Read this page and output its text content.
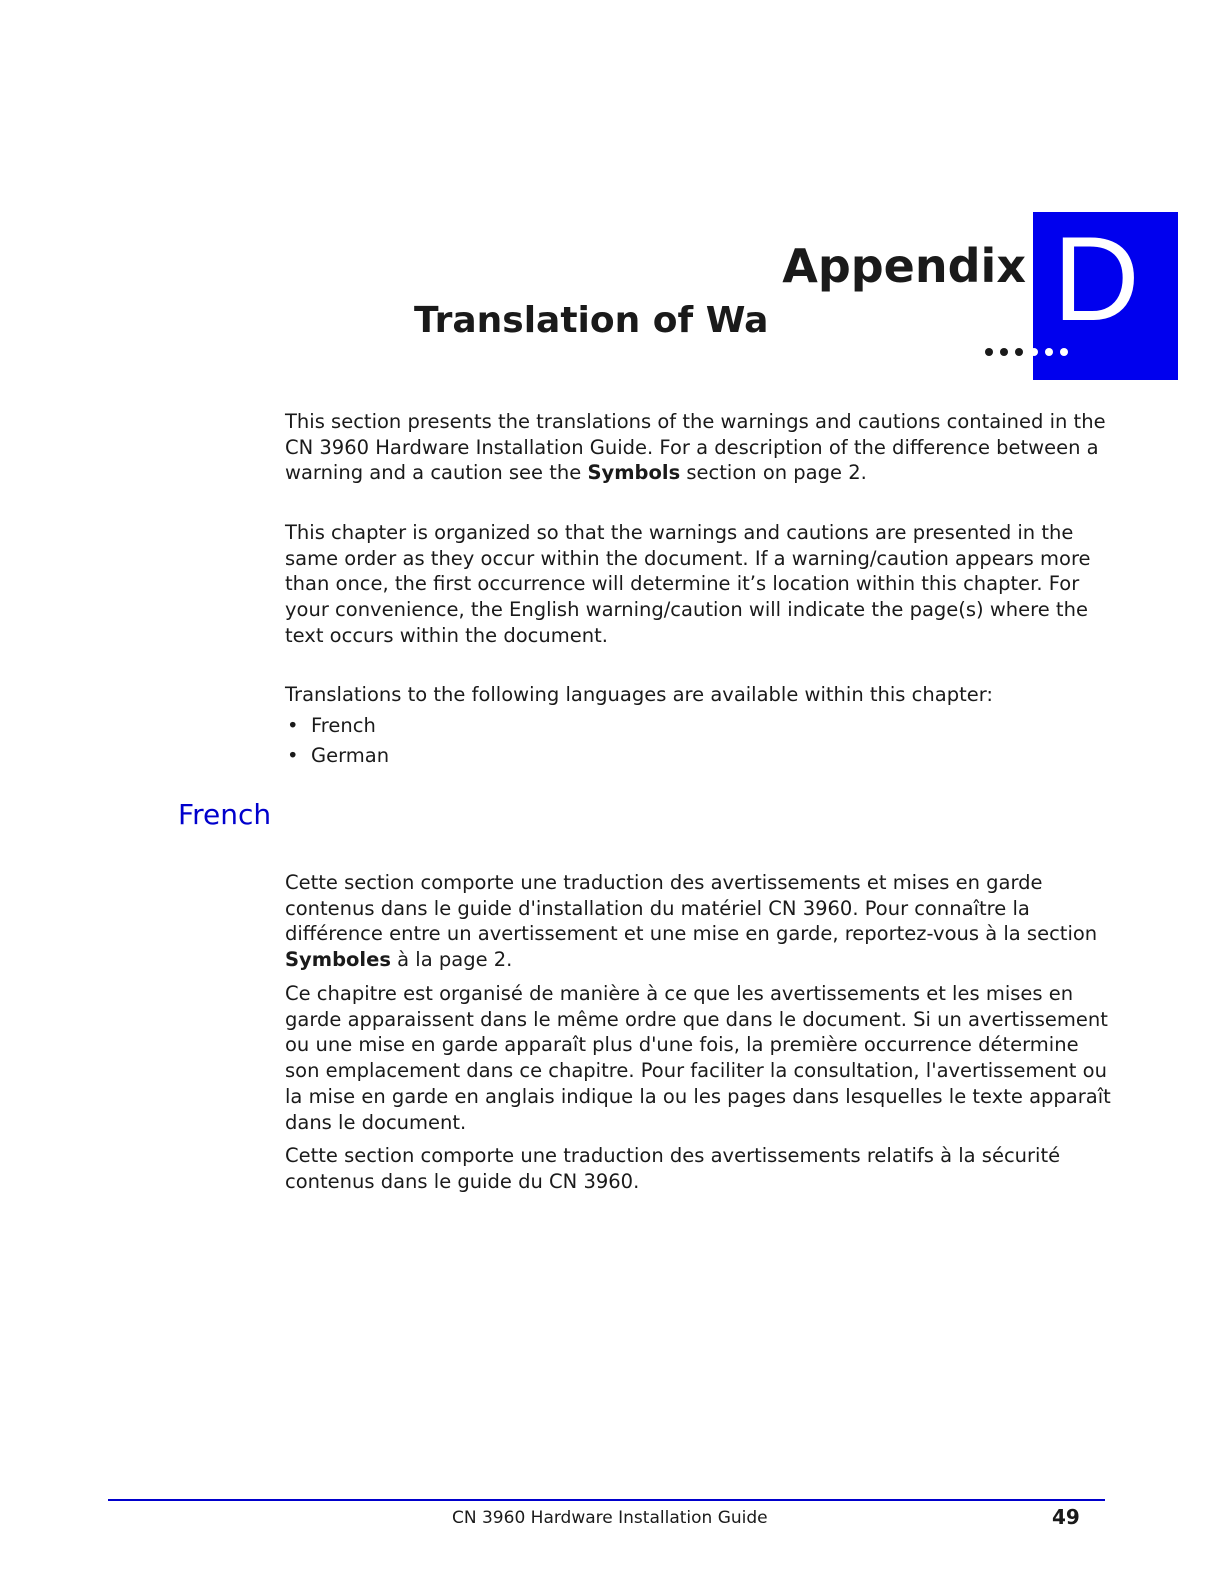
Appendix D
Translation of Wa

This section presents the translations of the warnings and cautions contained in the CN 3960 Hardware Installation Guide. For a description of the difference between a warning and a caution see the Symbols section on page 2.

This chapter is organized so that the warnings and cautions are presented in the same order as they occur within the document. If a warning/caution appears more than once, the first occurrence will determine it’s location within this chapter. For your convenience, the English warning/caution will indicate the page(s) where the text occurs within the document.

Translations to the following languages are available within this chapter:

• French
• German
French

Cette section comporte une traduction des avertissements et mises en garde contenus dans le guide d'installation du matériel CN 3960. Pour connaître la différence entre un avertissement et une mise en garde, reportez-vous à la section Symboles à la page 2.

Ce chapitre est organisé de manière à ce que les avertissements et les mises en garde apparaissent dans le même ordre que dans le document. Si un avertissement ou une mise en garde apparaît plus d'une fois, la première occurrence détermine son emplacement dans ce chapitre. Pour faciliter la consultation, l'avertissement ou la mise en garde en anglais indique la ou les pages dans lesquelles le texte apparaît dans le document.

Cette section comporte une traduction des avertissements relatifs à la sécurité contenus dans le guide du CN 3960.

CN 3960 Hardware Installation Guide	49
